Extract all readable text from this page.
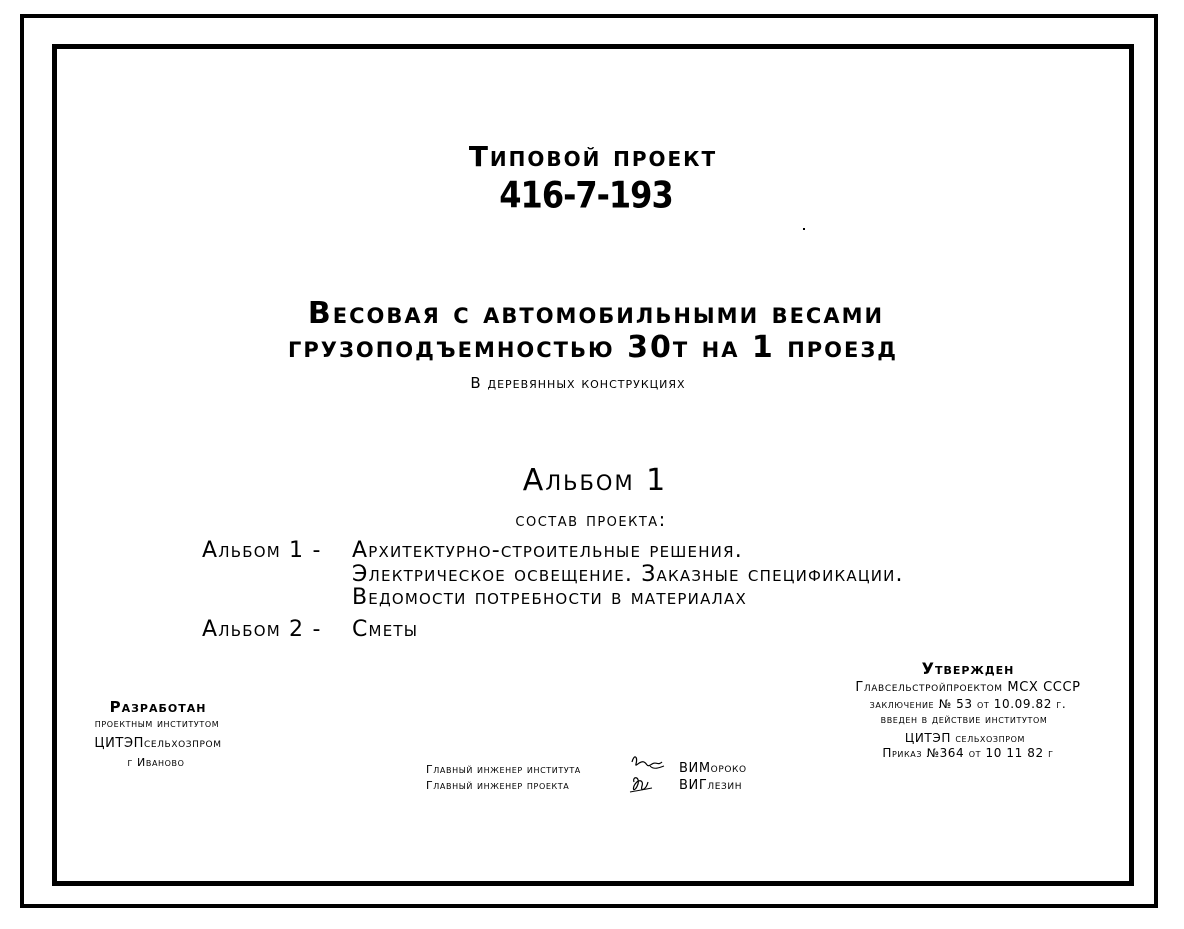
Типовой проект
416-7-193
Весовая с автомобильными весами
грузоподъемностью 30т на 1 проезд
В деревянных конструкциях
Альбом 1
состав проекта:
Альбом 1 - Архитектурно-строительные решения.
Электрическое освещение. Заказные спецификации.
Ведомости потребности в материалах
Альбом 2 - Сметы
Разработан
проектным институтом
ЦИТЭПсельхозпром
г Иваново
Утвержден
Главсельстройпроектом МСХ СССР
заключение № 53 от 10.09.82 г.
введен в действие институтом
ЦИТЭП сельхозпром
Приказ №364 от 10 11 82 г
Главный инженер института
Главный инженер проекта
ВИМороко
ВИГлезин
